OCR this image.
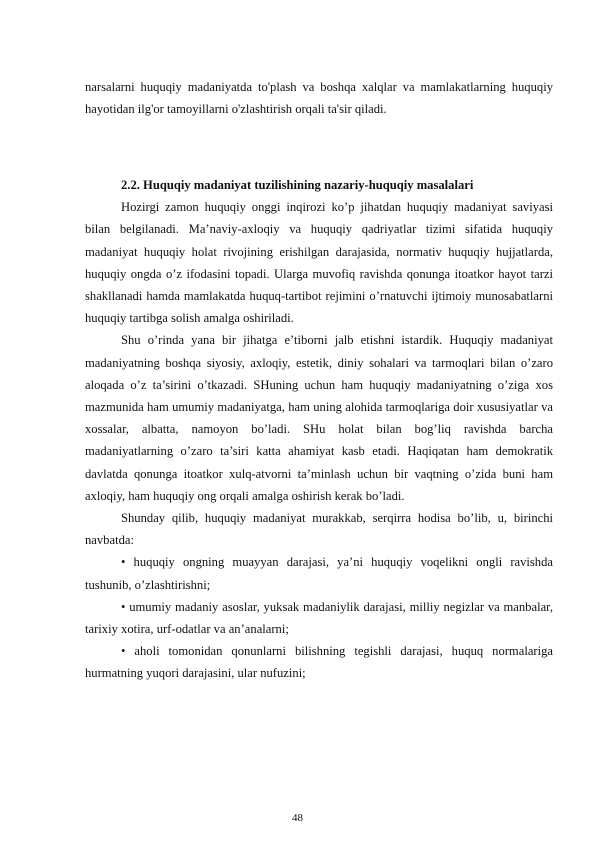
narsalarni huquqiy madaniyatda to'plash va boshqa xalqlar va mamlakatlarning huquqiy hayotidan ilg'or tamoyillarni o'zlashtirish orqali ta'sir qiladi.

2.2. Huquqiy madaniyat tuzilishining nazariy-huquqiy masalalari

Hozirgi zamon huquqiy onggi inqirozi ko’p jihatdan huquqiy madaniyat saviyasi bilan belgilanadi. Ma’naviy-axloqiy va huquqiy qadriyatlar tizimi sifatida huquqiy madaniyat huquqiy holat rivojining erishilgan darajasida, normativ huquqiy hujjatlarda, huquqiy ongda o’z ifodasini topadi. Ularga muvofiq ravishda qonunga itoatkor hayot tarzi shakllanadi hamda mamlakatda huquq-tartibot rejimini o’rnatuvchi ijtimoiy munosabatlarni huquqiy tartibga solish amalga oshiriladi.

Shu o’rinda yana bir jihatga e’tiborni jalb etishni istardik. Huquqiy madaniyat madaniyatning boshqa siyosiy, axloqiy, estetik, diniy sohalari va tarmoqlari bilan o’zaro aloqada o’z ta’sirini o’tkazadi. SHuning uchun ham huquqiy madaniyatning o’ziga xos mazmunida ham umumiy madaniyatga, ham uning alohida tarmoqlariga doir xususiyatlar va xossalar, albatta, namoyon bo’ladi. SHu holat bilan bog’liq ravishda barcha madaniyatlarning o’zaro ta’siri katta ahamiyat kasb etadi. Haqiqatan ham demokratik davlatda qonunga itoatkor xulq-atvorni ta’minlash uchun bir vaqtning o’zida buni ham axloqiy, ham huquqiy ong orqali amalga oshirish kerak bo’ladi.

Shunday qilib, huquqiy madaniyat murakkab, serqirra hodisa bo’lib, u, birinchi navbatda:

• huquqiy ongning muayyan darajasi, ya’ni huquqiy voqelikni ongli ravishda tushunib, o’zlashtirishni;

• umumiy madaniy asoslar, yuksak madaniylik darajasi, milliy negizlar va manbalar, tarixiy xotira, urf-odatlar va an’analarni;

• aholi tomonidan qonunlarni bilishning tegishli darajasi, huquq normalariga hurmatning yuqori darajasini, ular nufuzini;

48
